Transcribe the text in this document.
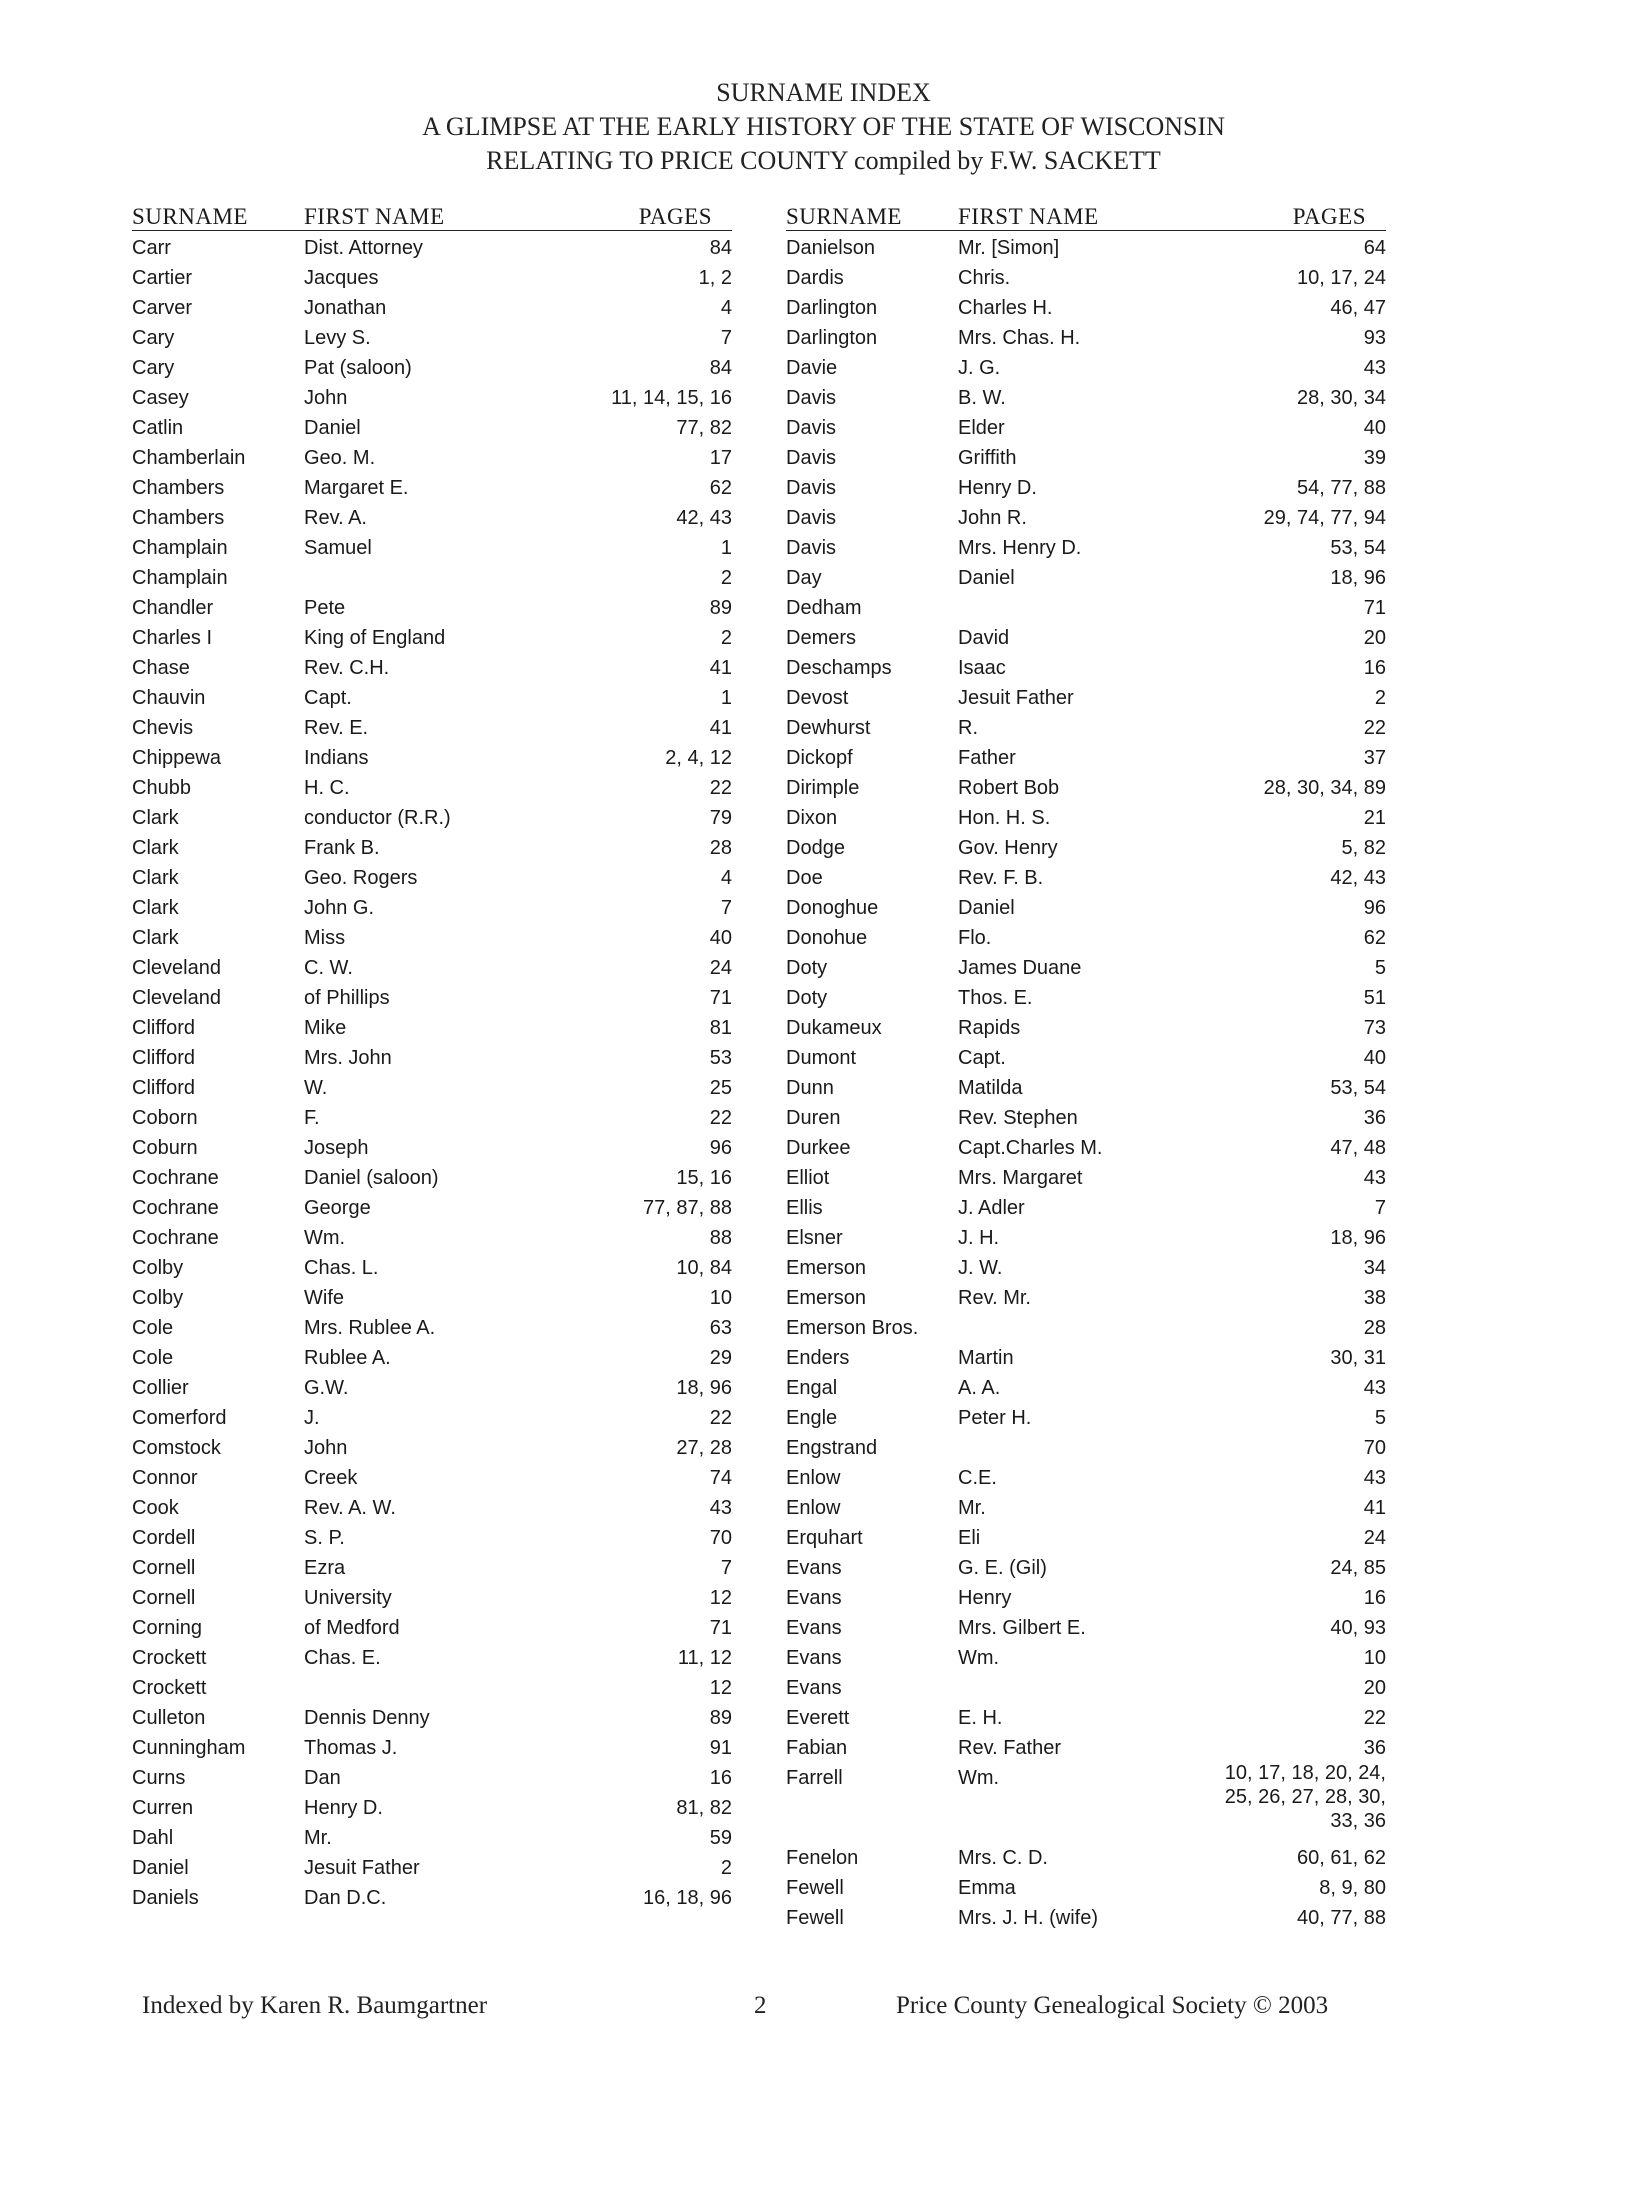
SURNAME INDEX
A GLIMPSE AT THE EARLY HISTORY OF THE STATE OF WISCONSIN
RELATING TO PRICE COUNTY compiled by F.W. SACKETT
SURNAME FIRST NAME	PAGES
Carr	Dist. Attorney	84
Cartier	Jacques	1, 2
Carver	Jonathan	4
Cary	Levy S.	7
Cary	Pat (saloon)	84
Casey	John	11, 14, 15, 16
Catlin	Daniel	77, 82
Chamberlain	Geo. M.	17
Chambers	Margaret E.	62
Chambers	Rev. A.	42, 43
Champlain	Samuel	1
Champlain	2
Chandler	Pete	89
Charles I	King of England	2
Chase	Rev. C.H.	41
Chauvin	Capt.	1
Chevis	Rev. E.	41
Chippewa	Indians	2, 4, 12
Chubb	H. C.	22
Clark	conductor (R.R.)	79
Clark	Frank B.	28
Clark	Geo. Rogers	4
Clark	John G.	7
Clark	Miss	40
Cleveland	C. W.	24
Cleveland	of Phillips	71
Clifford	Mike	81
Clifford	Mrs. John	53
Clifford	W.	25
Coborn	F.	22
Coburn	Joseph	96
Cochrane	Daniel (saloon)	15, 16
Cochrane	George	77, 87, 88
Cochrane	Wm.	88
Colby	Chas. L.	10, 84
Colby	Wife	10
Cole	Mrs. Rublee A.	63
Cole	Rublee A.	29
Collier	G.W.	18, 96
Comerford	J.	22
Comstock	John	27, 28
Connor	Creek	74
Cook	Rev. A. W.	43
Cordell	S. P.	70
Cornell	Ezra	7
Cornell	University	12
Corning	of Medford	71
Crockett	Chas. E.	11, 12
Crockett	12
Culleton	Dennis Denny	89
Cunningham	Thomas J.	91
Curns	Dan	16
Curren	Henry D.	81, 82
Dahl	Mr.	59
Daniel	Jesuit Father	2
Daniels	Dan D.C.	16, 18, 96
SURNAME FIRST NAME	PAGES
Danielson	Mr. [Simon]	64
Dardis	Chris.	10, 17, 24
Darlington	Charles H.	46, 47
Darlington	Mrs. Chas. H.	93
Davie	J. G.	43
Davis	B. W.	28, 30, 34
Davis	Elder	40
Davis	Griffith	39
Davis	Henry D.	54, 77, 88
Davis	John R.	29, 74, 77, 94
Davis	Mrs. Henry D.	53, 54
Day	Daniel	18, 96
Dedham	71
Demers	David	20
Deschamps	Isaac	16
Devost	Jesuit Father	2
Dewhurst	R.	22
Dickopf	Father	37
Dirimple	Robert Bob	28, 30, 34, 89
Dixon	Hon. H. S.	21
Dodge	Gov. Henry	5, 82
Doe	Rev. F. B.	42, 43
Donoghue	Daniel	96
Donohue	Flo.	62
Doty	James Duane	5
Doty	Thos. E.	51
Dukameux	Rapids	73
Dumont	Capt.	40
Dunn	Matilda	53, 54
Duren	Rev. Stephen	36
Durkee	Capt.Charles M.	47, 48
Elliot	Mrs. Margaret	43
Ellis	J. Adler	7
Elsner	J. H.	18, 96
Emerson	J. W.	34
Emerson	Rev. Mr.	38
Emerson Bros.	28
Enders	Martin	30, 31
Engal	A. A.	43
Engle	Peter H.	5
Engstrand	70
Enlow	C.E.	43
Enlow	Mr.	41
Erquhart	Eli	24
Evans	G. E. (Gil)	24, 85
Evans	Henry	16
Evans	Mrs. Gilbert E.	40, 93
Evans	Wm.	10
Evans	20
Everett	E. H.	22
Fabian	Rev. Father	36
Farrell	Wm.	10, 17, 18, 20, 24,
25, 26, 27, 28, 30,
33, 36
Fenelon	Mrs. C. D.	60, 61, 62
Fewell	Emma	8, 9, 80
Fewell	Mrs. J. H. (wife)	40, 77, 88
Indexed by Karen R. Baumgartner	2	Price County Genealogical Society © 2003
